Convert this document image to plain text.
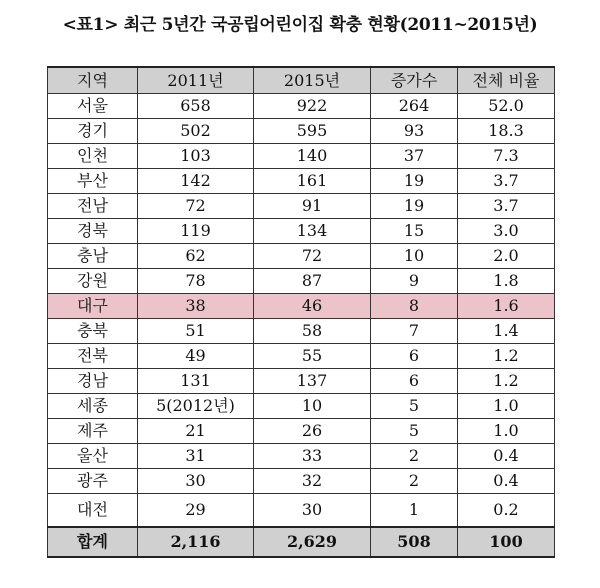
<표1> 최근 5년간 국공립어린이집 확충 현황(2011~2015년)
지역	2011년	2015년	증가수	전체 비율
서울	658	922	264	52.0
경기	502	595	93	18.3
인천	103	140	37	7.3
부산	142	161	19	3.7
전남	72	91	19	3.7
경북	119	134	15	3.0
충남	62	72	10	2.0
강원	78	87	9	1.8
대구	38	46	8	1.6
충북	51	58	7	1.4
전북	49	55	6	1.2
경남	131	137	6	1.2
세종	5(2012년)	10	5	1.0
제주	21	26	5	1.0
울산	31	33	2	0.4
광주	30	32	2	0.4
대전	29	30	1	0.2
합계	2,116	2,629	508	100
